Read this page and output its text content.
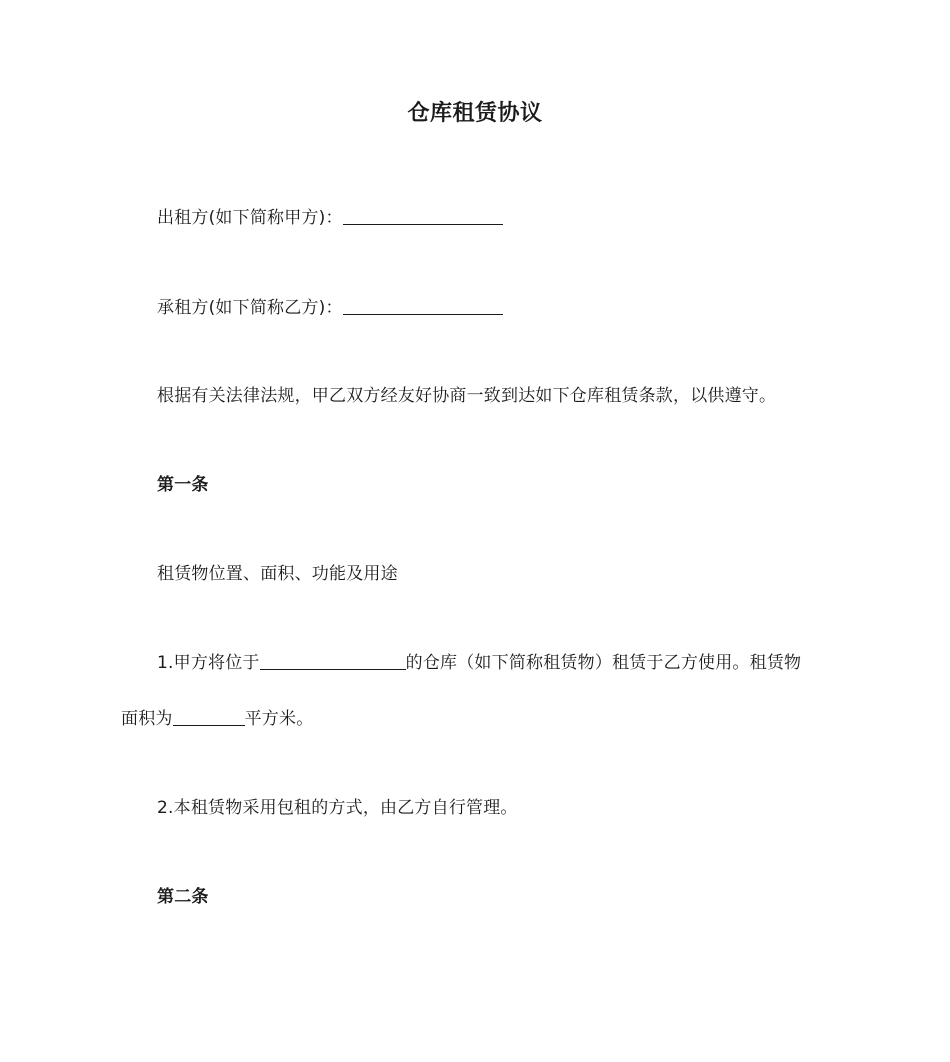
仓库租赁协议
出租方(如下简称甲方)：
承租方(如下简称乙方)：
根据有关法律法规，甲乙双方经友好协商一致到达如下仓库租赁条款，以供遵守。
第一条
租赁物位置、面积、功能及用途
1.甲方将位于	的仓库（如下简称租赁物）租赁于乙方使用。租赁物
面积为	平方米。
2.本租赁物采用包租的方式，由乙方自行管理。
第二条
